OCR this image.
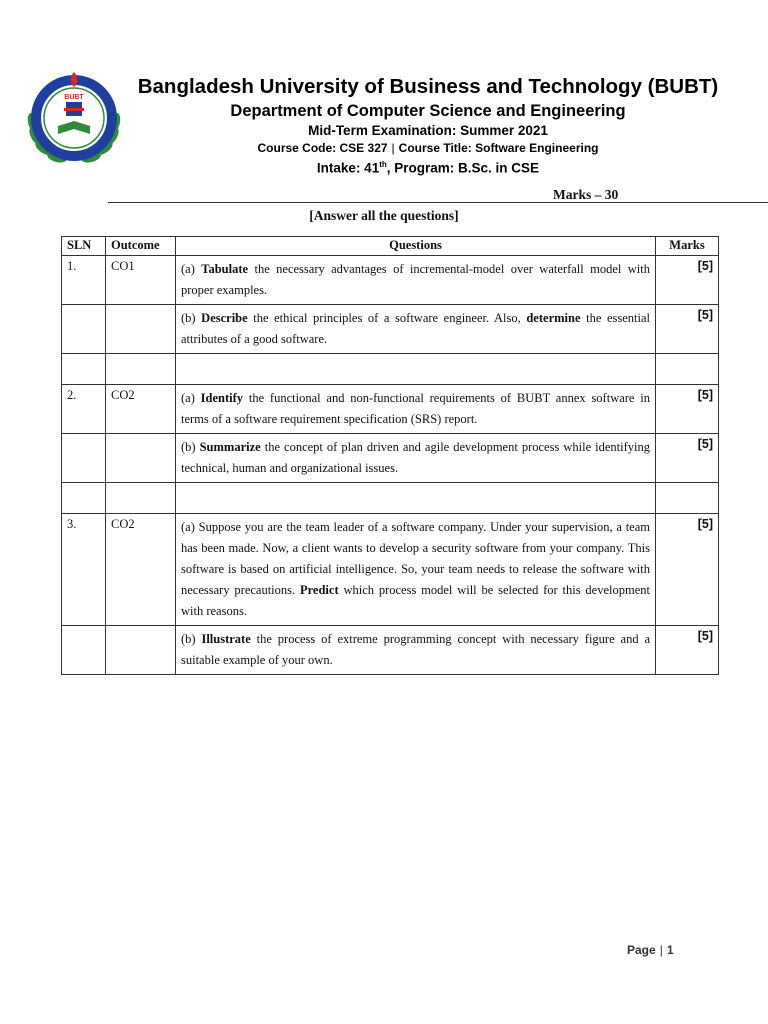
BUBT	Bangladesh University of Business and Technology (BUBT)
Department of Computer Science and Engineering
Mid-Term Examination: Summer 2021
Course Code: CSE 327 | Course Title: Software Engineering
Intake: 41th, Program: B.Sc. in CSE
Marks – 30
[Answer all the questions]
SLN	Outcome	Questions	Marks
1.	CO1	(a) Tabulate the necessary advantages of incremental-model over waterfall model with proper examples.	[5]
		(b) Describe the ethical principles of a software engineer. Also, determine the essential attributes of a good software.	[5]

2.	CO2	(a) Identify the functional and non-functional requirements of BUBT annex software in terms of a software requirement specification (SRS) report.	[5]
		(b) Summarize the concept of plan driven and agile development process while identifying technical, human and organizational issues.	[5]

3.	CO2	(a) Suppose you are the team leader of a software company. Under your supervision, a team has been made. Now, a client wants to develop a security software from your company. This software is based on artificial intelligence. So, your team needs to release the software with necessary precautions. Predict which process model will be selected for this development with reasons.	[5]
		(b) Illustrate the process of extreme programming concept with necessary figure and a suitable example of your own.	[5]
Page | 1
